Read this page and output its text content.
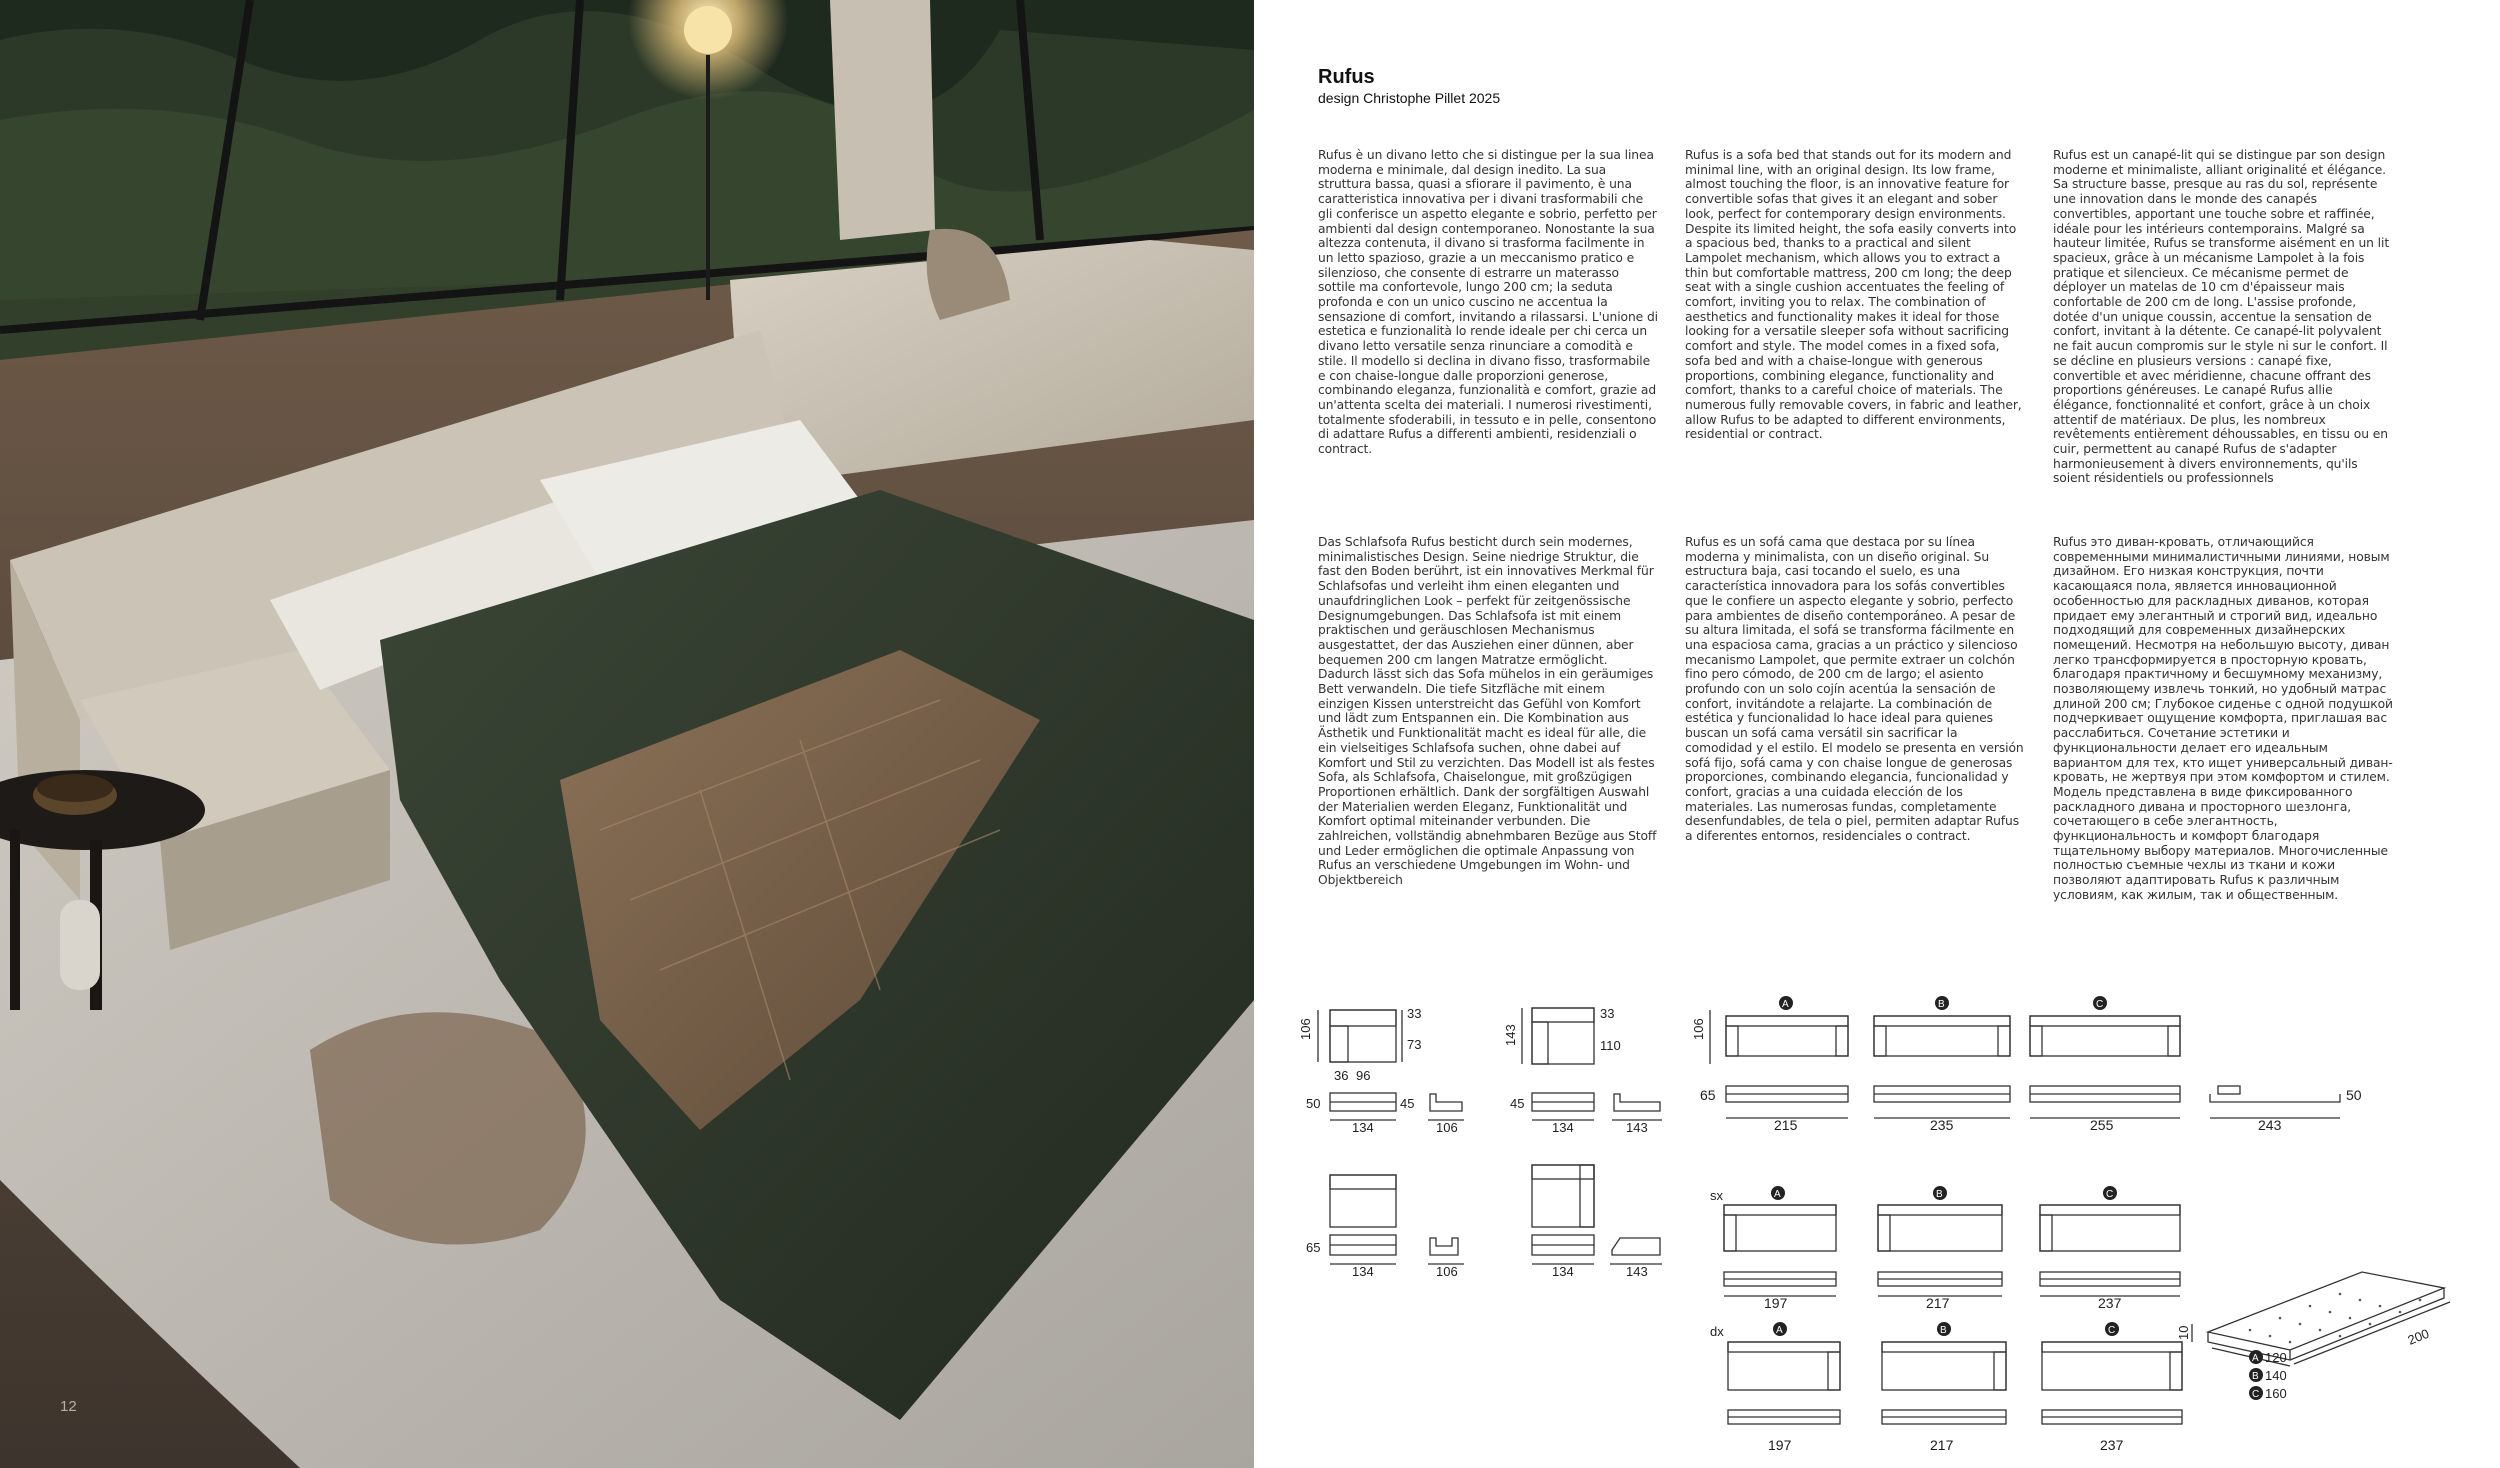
12
Rufus
design Christophe Pillet 2025
Rufus è un divano letto che si distingue per la sua linea moderna e minimale, dal design inedito. La sua struttura bassa, quasi a sfiorare il pavimento, è una caratteristica innovativa per i divani trasformabili che gli conferisce un aspetto elegante e sobrio, perfetto per ambienti dal design contemporaneo. Nonostante la sua altezza contenuta, il divano si trasforma facilmente in un letto spazioso, grazie a un meccanismo pratico e silenzioso, che consente di estrarre un materasso sottile ma confortevole, lungo 200 cm; la seduta profonda e con un unico cuscino ne accentua la sensazione di comfort, invitando a rilassarsi. L'unione di estetica e funzionalità lo rende ideale per chi cerca un divano letto versatile senza rinunciare a comodità e stile. Il modello si declina in divano fisso, trasformabile e con chaise-longue dalle proporzioni generose, combinando eleganza, funzionalità e comfort, grazie ad un'attenta scelta dei materiali. I numerosi rivestimenti, totalmente sfoderabili, in tessuto e in pelle, consentono di adattare Rufus a differenti ambienti, residenziali o contract.
Rufus is a sofa bed that stands out for its modern and minimal line, with an original design. Its low frame, almost touching the floor, is an innovative feature for convertible sofas that gives it an elegant and sober look, perfect for contemporary design environments. Despite its limited height, the sofa easily converts into a spacious bed, thanks to a practical and silent Lampolet mechanism, which allows you to extract a thin but comfortable mattress, 200 cm long; the deep seat with a single cushion accentuates the feeling of comfort, inviting you to relax. The combination of aesthetics and functionality makes it ideal for those looking for a versatile sleeper sofa without sacrificing comfort and style. The model comes in a fixed sofa, sofa bed and with a chaise-longue with generous proportions, combining elegance, functionality and comfort, thanks to a careful choice of materials. The numerous fully removable covers, in fabric and leather, allow Rufus to be adapted to different environments, residential or contract.
Rufus est un canapé-lit qui se distingue par son design moderne et minimaliste, alliant originalité et élégance. Sa structure basse, presque au ras du sol, représente une innovation dans le monde des canapés convertibles, apportant une touche sobre et raffinée, idéale pour les intérieurs contemporains. Malgré sa hauteur limitée, Rufus se transforme aisément en un lit spacieux, grâce à un mécanisme Lampolet à la fois pratique et silencieux. Ce mécanisme permet de déployer un matelas de 10 cm d'épaisseur mais confortable de 200 cm de long. L'assise profonde, dotée d'un unique coussin, accentue la sensation de confort, invitant à la détente. Ce canapé-lit polyvalent ne fait aucun compromis sur le style ni sur le confort. Il se décline en plusieurs versions : canapé fixe, convertible et avec méridienne, chacune offrant des proportions généreuses. Le canapé Rufus allie élégance, fonctionnalité et confort, grâce à un choix attentif de matériaux. De plus, les nombreux revêtements entièrement déhoussables, en tissu ou en cuir, permettent au canapé Rufus de s'adapter harmonieusement à divers environnements, qu'ils soient résidentiels ou professionnels
Das Schlafsofa Rufus besticht durch sein modernes, minimalistisches Design. Seine niedrige Struktur, die fast den Boden berührt, ist ein innovatives Merkmal für Schlafsofas und verleiht ihm einen eleganten und unaufdringlichen Look – perfekt für zeitgenössische Designumgebungen. Das Schlafsofa ist mit einem praktischen und geräuschlosen Mechanismus ausgestattet, der das Ausziehen einer dünnen, aber bequemen 200 cm langen Matratze ermöglicht. Dadurch lässt sich das Sofa mühelos in ein geräumiges Bett verwandeln. Die tiefe Sitzfläche mit einem einzigen Kissen unterstreicht das Gefühl von Komfort und lädt zum Entspannen ein. Die Kombination aus Ästhetik und Funktionalität macht es ideal für alle, die ein vielseitiges Schlafsofa suchen, ohne dabei auf Komfort und Stil zu verzichten. Das Modell ist als festes Sofa, als Schlafsofa, Chaiselongue, mit großzügigen Proportionen erhältlich. Dank der sorgfältigen Auswahl der Materialien werden Eleganz, Funktionalität und Komfort optimal miteinander verbunden. Die zahlreichen, vollständig abnehmbaren Bezüge aus Stoff und Leder ermöglichen die optimale Anpassung von Rufus an verschiedene Umgebungen im Wohn- und Objektbereich
Rufus es un sofá cama que destaca por su línea moderna y minimalista, con un diseño original. Su estructura baja, casi tocando el suelo, es una característica innovadora para los sofás convertibles que le confiere un aspecto elegante y sobrio, perfecto para ambientes de diseño contemporáneo. A pesar de su altura limitada, el sofá se transforma fácilmente en una espaciosa cama, gracias a un práctico y silencioso mecanismo Lampolet, que permite extraer un colchón fino pero cómodo, de 200 cm de largo; el asiento profundo con un solo cojín acentúa la sensación de confort, invitándote a relajarte. La combinación de estética y funcionalidad lo hace ideal para quienes buscan un sofá cama versátil sin sacrificar la comodidad y el estilo. El modelo se presenta en versión sofá fijo, sofá cama y con chaise longue de generosas proporciones, combinando elegancia, funcionalidad y confort, gracias a una cuidada elección de los materiales. Las numerosas fundas, completamente desenfundables, de tela o piel, permiten adaptar Rufus a diferentes entornos, residenciales o contract.
Rufus это диван-кровать, отличающийся современными минималистичными линиями, новым дизайном. Его низкая конструкция, почти касающаяся пола, является инновационной особенностью для раскладных диванов, которая придает ему элегантный и строгий вид, идеально подходящий для современных дизайнерских помещений. Несмотря на небольшую высоту, диван легко трансформируется в просторную кровать, благодаря практичному и бесшумному механизму, позволяющему извлечь тонкий, но удобный матрас длиной 200 см; Глубокое сиденье с одной подушкой подчеркивает ощущение комфорта, приглашая вас расслабиться. Сочетание эстетики и функциональности делает его идеальным вариантом для тех, кто ищет универсальный диван-кровать, не жертвуя при этом комфортом и стилем. Модель представлена в виде фиксированного раскладного дивана и просторного шезлонга, сочетающего в себе элегантность, функциональность и комфорт благодаря тщательному выбору материалов. Многочисленные полностью съемные чехлы из ткани и кожи позволяют адаптировать Rufus к различным условиям, как жилым, так и общественным.
106
33
73
36 96
50	45
134	106
143
33
110
45
134	143
65
134	106	134	143
106
A
215
65
B
235
C
255	243
50
sx	A
197
B
217
C
237
dx	A	B	C	10	200
A 120
B 140
C 160
197	217	237
